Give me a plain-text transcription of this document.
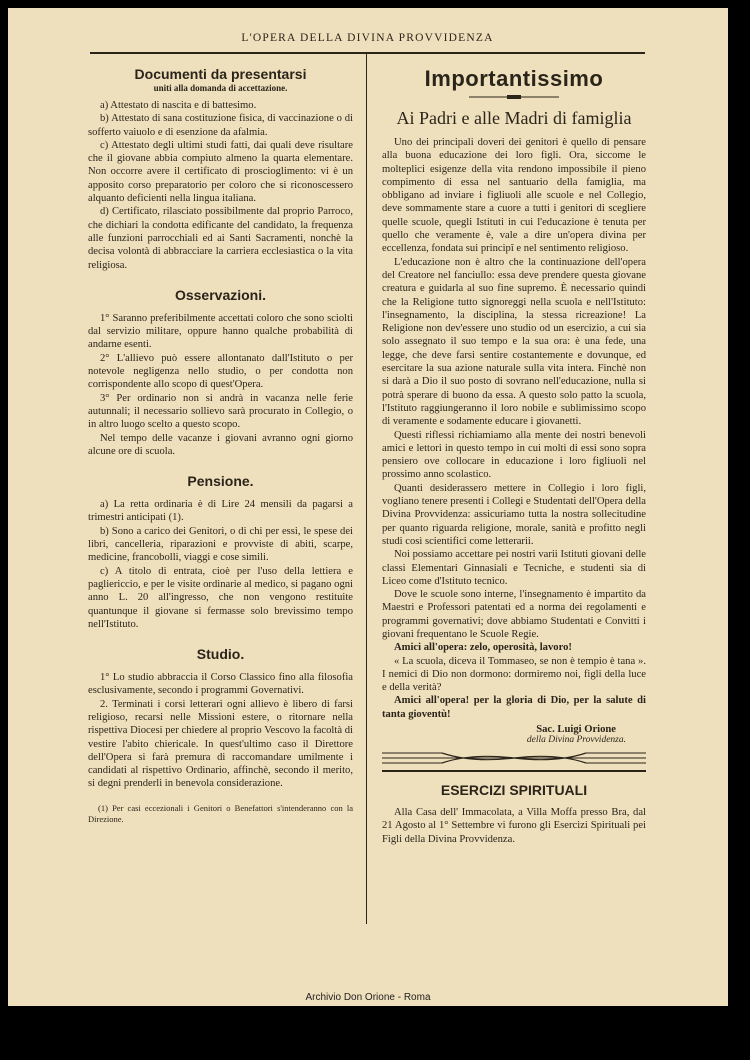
L'OPERA DELLA DIVINA PROVVIDENZA
Documenti da presentarsi
uniti alla domanda di accettazione.

a) Attestato di nascita e di battesimo.

b) Attestato di sana costituzione fisica, di vaccinazione o di sofferto vaiuolo e di esenzione da afalmia.

c) Attestato degli ultimi studi fatti, dai quali deve risultare che il giovane abbia compiuto almeno la quarta elementare. Non occorre avere il certificato di proscioglimento: vi è un apposito corso preparatorio per coloro che si riconoscessero alquanto deficienti nella lingua italiana.

d) Certificato, rilasciato possibilmente dal proprio Parroco, che dichiari la condotta edificante del candidato, la frequenza alle funzioni parrocchiali ed ai Santi Sacramenti, nonchè la decisa volontà di abbracciare la carriera ecclesiastica o la vita religiosa.

Osservazioni.

1° Saranno preferibilmente accettati coloro che sono sciolti dal servizio militare, oppure hanno qualche probabilità di andarne esenti.

2° L'allievo può essere allontanato dall'Istituto o per notevole negligenza nello studio, o per condotta non corrispondente allo scopo di quest'Opera.

3° Per ordinario non si andrà in vacanza nelle ferie autunnali; il necessario sollievo sarà procurato in Collegio, o in altro luogo scelto a questo scopo.

Nel tempo delle vacanze i giovani avranno ogni giorno alcune ore di scuola.

Pensione.

a) La retta ordinaria è di Lire 24 mensili da pagarsi a trimestri anticipati (1).

b) Sono a carico dei Genitori, o di chi per essi, le spese dei libri, cancelleria, riparazioni e provviste di abiti, scarpe, medicine, francobolli, viaggi e cose simili.

c) A titolo di entrata, cioè per l'uso della lettiera e pagliericcio, e per le visite ordinarie al medico, si pagano ogni anno L. 20 all'ingresso, che non vengono restituite quantunque il giovane si fermasse solo brevissimo tempo nell'Istituto.

Studio.

1° Lo studio abbraccia il Corso Classico fino alla filosofia esclusivamente, secondo i programmi Governativi.

2. Terminati i corsi letterari ogni allievo è libero di farsi religioso, recarsi nelle Missioni estere, o ritornare nella rispettiva Diocesi per chiedere al proprio Vescovo la facoltà di vestire l'abito chiericale. In quest'ultimo caso il Direttore dell'Opera si farà premura di raccomandare umilmente i candidati al rispettivo Ordinario, affinchè, secondo il merito, si degni prenderli in benevola considerazione.

(1) Per casi eccezionali i Genitori o Benefattori s'intenderanno con la Direzione.

Importantissimo
Ai Padri e alle Madri di famiglia

Uno dei principali doveri dei genitori è quello di pensare alla buona educazione dei loro figli. Ora, siccome le molteplici esigenze della vita rendono impossibile il pieno compimento di essa nel santuario della famiglia, ma obbligano ad inviare i figliuoli alle scuole e nel Collegio, deve sommamente stare a cuore a tutti i genitori di scegliere quelle scuole, quegli Istituti in cui l'educazione è tenuta per quello che veramente è, vale a dire un'opera divina per eccellenza, fondata sui principî e nel sentimento religioso.

L'educazione non è altro che la continuazione dell'opera del Creatore nel fanciullo: essa deve prendere questa giovane creatura e guidarla al suo fine supremo. È necessario quindi che la Religione tutto signoreggi nella scuola e nell'Istituto: l'insegnamento, la disciplina, la stessa ricreazione! La Religione non dev'essere uno studio od un esercizio, a cui sia solo assegnato il suo tempo e la sua ora: è una fede, una legge, che deve farsi sentire costantemente e dovunque, ed esercitare la sua azione naturale sulla vita intera. Finchè non si darà a Dio il suo posto di sovrano nell'educazione, nulla si potrà sperare di buono da essa. A questo solo patto la scuola, l'Istituto raggiungeranno il loro nobile e sublimissimo scopo di veramente e sodamente educare i giovanetti.

Questi riflessi richiamiamo alla mente dei nostri benevoli amici e lettori in questo tempo in cui molti di essi sono sopra pensiero ove collocare in educazione i loro figliuoli nel prossimo anno scolastico.

Quanti desiderassero mettere in Collegio i loro figli, vogliano tenere presenti i Collegi e Studentati dell'Opera della Divina Provvidenza: assicuriamo tutta la nostra sollecitudine per quanto riguarda religione, morale, sanità e profitto negli studi così scientifici come letterarii.

Noi possiamo accettare pei nostri varii Istituti giovani delle classi Elementari Ginnasiali e Tecniche, e studenti sia di Liceo come d'Istituto tecnico.

Dove le scuole sono interne, l'insegnamento è impartito da Maestri e Professori patentati ed a norma dei regolamenti e programmi governativi; dove abbiamo Studentati e Convitti i giovani frequentano le Scuole Regie.

Amici all'opera: zelo, operosità, lavoro!

« La scuola, diceva il Tommaseo, se non è tempio è tana ». I nemici di Dio non dormono: dormiremo noi, figli della luce e della verità?

Amici all'opera! per la gloria di Dio, per la salute di tanta gioventù!

Sac. Luigi Orione
della Divina Provvidenza.
ESERCIZI SPIRITUALI

Alla Casa dell' Immacolata, a Villa Moffa presso Bra, dal 21 Agosto al 1° Settembre vi furono gli Esercizi Spirituali pei Figli della Divina Provvidenza.

Archivio Don Orione - Roma
